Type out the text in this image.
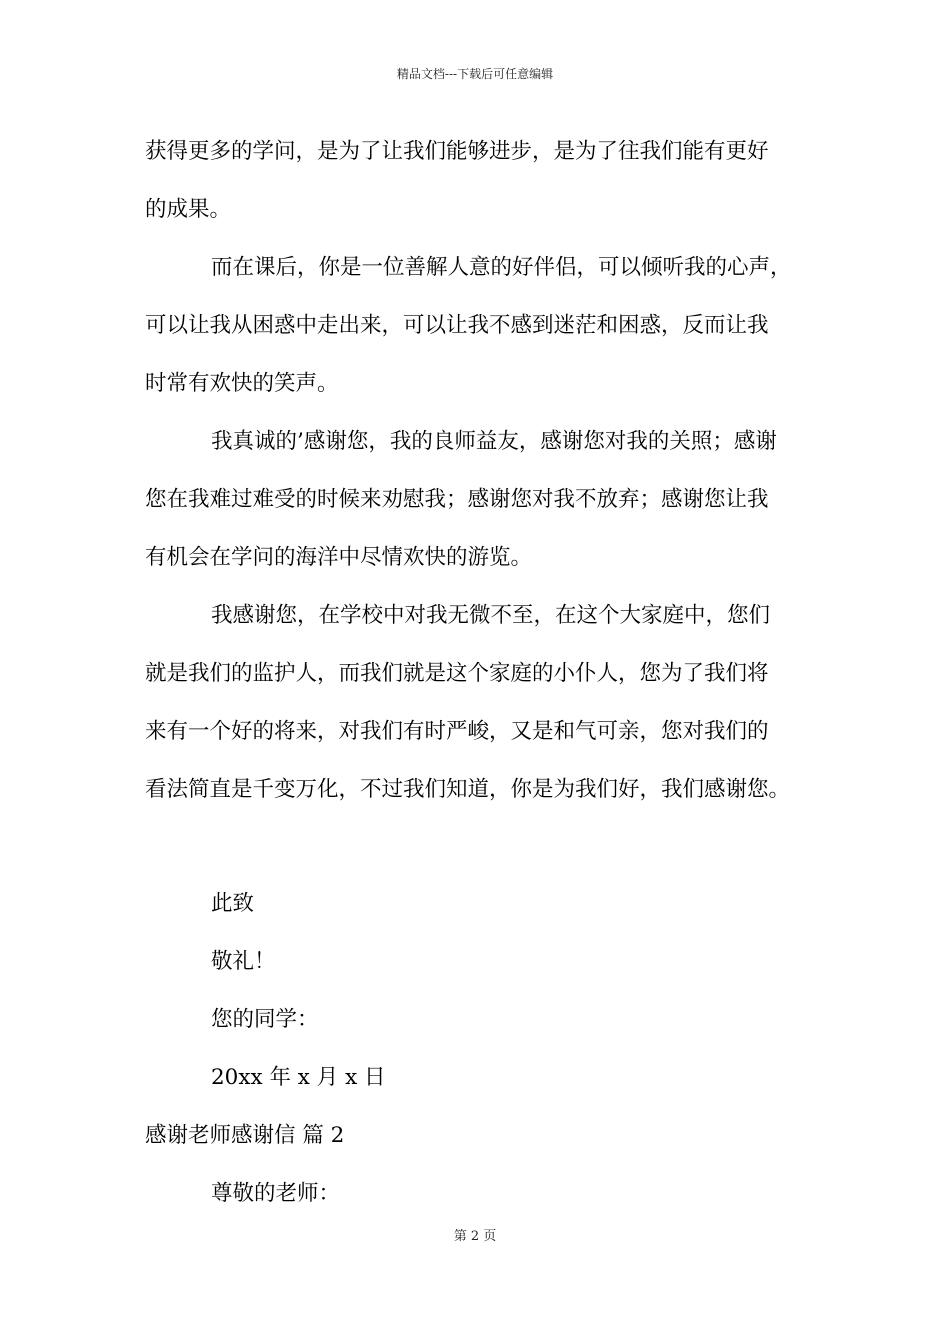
精品文档---下载后可任意编辑
获得更多的学问，是为了让我们能够进步，是为了往我们能有更好
的成果。
而在课后，你是一位善解人意的好伴侣，可以倾听我的心声，
可以让我从困惑中走出来，可以让我不感到迷茫和困惑，反而让我
时常有欢快的笑声。
我真诚的’感谢您，我的良师益友，感谢您对我的关照；感谢
您在我难过难受的时候来劝慰我；感谢您对我不放弃；感谢您让我
有机会在学问的海洋中尽情欢快的游览。
我感谢您，在学校中对我无微不至，在这个大家庭中，您们
就是我们的监护人，而我们就是这个家庭的小仆人，您为了我们将
来有一个好的将来，对我们有时严峻，又是和气可亲，您对我们的
看法简直是千变万化，不过我们知道，你是为我们好，我们感谢您。
此致
敬礼！
您的同学：
20xx 年 x 月 x 日
感谢老师感谢信 篇 2
尊敬的老师：
第 2 页
